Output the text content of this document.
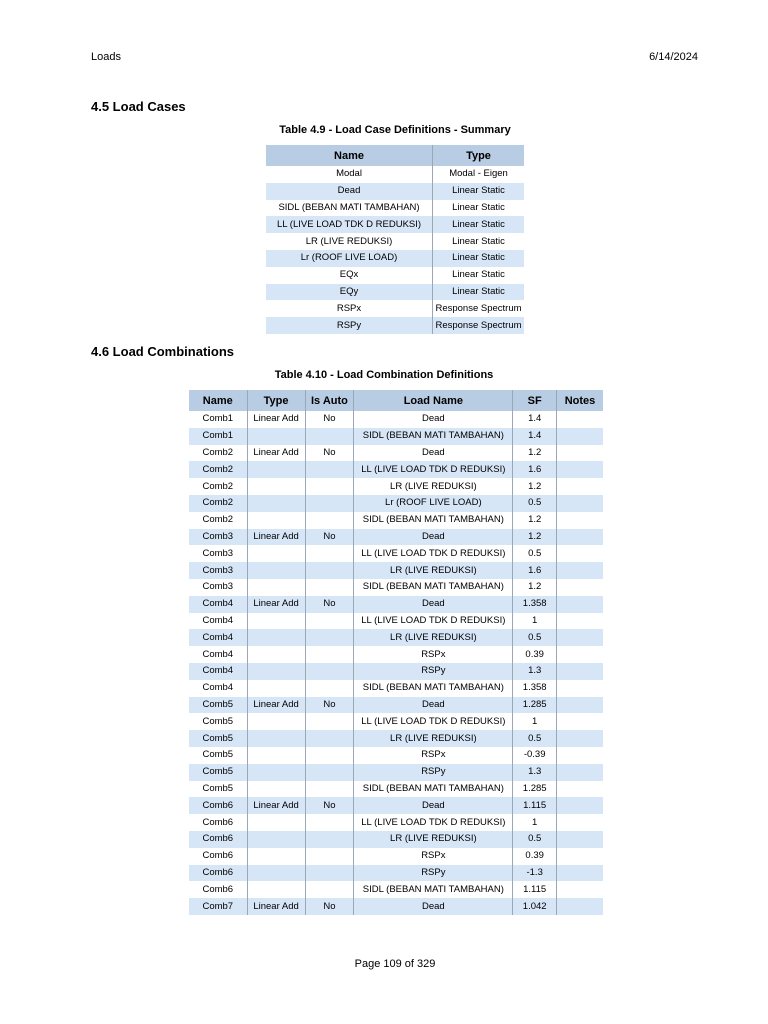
Loads	6/14/2024
4.5 Load Cases
Table 4.9 - Load Case Definitions - Summary
Name	Type
Modal	Modal - Eigen
Dead	Linear Static
SIDL (BEBAN MATI TAMBAHAN)	Linear Static
LL (LIVE LOAD TDK D REDUKSI)	Linear Static
LR (LIVE REDUKSI)	Linear Static
Lr (ROOF LIVE LOAD)	Linear Static
EQx	Linear Static
EQy	Linear Static
RSPx	Response Spectrum
RSPy	Response Spectrum
4.6 Load Combinations
Table 4.10 - Load Combination Definitions
Name	Type	Is Auto	Load Name	SF	Notes
Comb1	Linear Add	No	Dead	1.4	
Comb1			SIDL (BEBAN MATI TAMBAHAN)	1.4	
Comb2	Linear Add	No	Dead	1.2	
Comb2			LL (LIVE LOAD TDK D REDUKSI)	1.6	
Comb2			LR (LIVE REDUKSI)	1.2	
Comb2			Lr (ROOF LIVE LOAD)	0.5	
Comb2			SIDL (BEBAN MATI TAMBAHAN)	1.2	
Comb3	Linear Add	No	Dead	1.2	
Comb3			LL (LIVE LOAD TDK D REDUKSI)	0.5	
Comb3			LR (LIVE REDUKSI)	1.6	
Comb3			SIDL (BEBAN MATI TAMBAHAN)	1.2	
Comb4	Linear Add	No	Dead	1.358	
Comb4			LL (LIVE LOAD TDK D REDUKSI)	1	
Comb4			LR (LIVE REDUKSI)	0.5	
Comb4			RSPx	0.39	
Comb4			RSPy	1.3	
Comb4			SIDL (BEBAN MATI TAMBAHAN)	1.358	
Comb5	Linear Add	No	Dead	1.285	
Comb5			LL (LIVE LOAD TDK D REDUKSI)	1	
Comb5			LR (LIVE REDUKSI)	0.5	
Comb5			RSPx	-0.39	
Comb5			RSPy	1.3	
Comb5			SIDL (BEBAN MATI TAMBAHAN)	1.285	
Comb6	Linear Add	No	Dead	1.115	
Comb6			LL (LIVE LOAD TDK D REDUKSI)	1	
Comb6			LR (LIVE REDUKSI)	0.5	
Comb6			RSPx	0.39	
Comb6			RSPy	-1.3	
Comb6			SIDL (BEBAN MATI TAMBAHAN)	1.115	
Comb7	Linear Add	No	Dead	1.042	
Page 109 of 329
